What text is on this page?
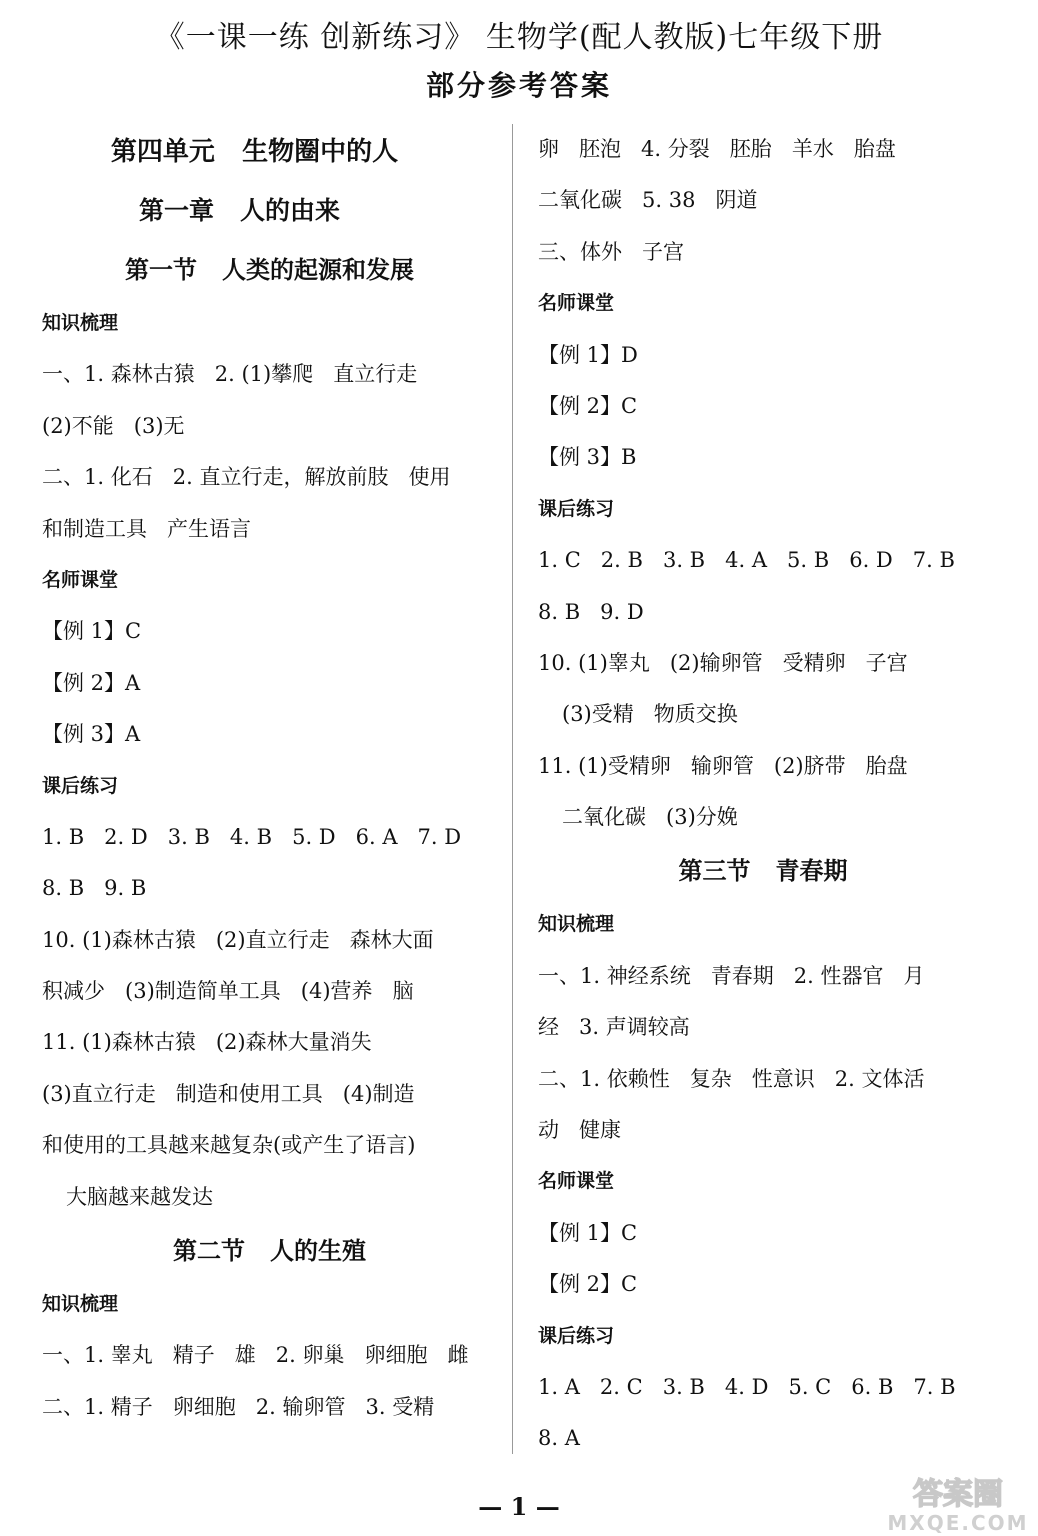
《一课一练 创新练习》 生物学(配人教版)七年级下册
部分参考答案
第四单元   生物圈中的人
第一章   人的由来
第一节   人类的起源和发展
知识梳理
一、1. 森林古猿   2. (1)攀爬   直立行走
(2)不能   (3)无
二、1. 化石   2. 直立行走，解放前肢   使用
和制造工具   产生语言
名师课堂
【例 1】C
【例 2】A
【例 3】A
课后练习
1. B   2. D   3. B   4. B   5. D   6. A   7. D
8. B   9. B
10. (1)森林古猿   (2)直立行走   森林大面
积减少   (3)制造简单工具   (4)营养   脑
11. (1)森林古猿   (2)森林大量消失
(3)直立行走   制造和使用工具   (4)制造
和使用的工具越来越复杂(或产生了语言)
大脑越来越发达
第二节   人的生殖
知识梳理
一、1. 睾丸   精子   雄   2. 卵巢   卵细胞   雌
二、1. 精子   卵细胞   2. 输卵管   3. 受精
卵   胚泡   4. 分裂   胚胎   羊水   胎盘
二氧化碳   5. 38   阴道
三、体外   子宫
名师课堂
【例 1】D
【例 2】C
【例 3】B
课后练习
1. C   2. B   3. B   4. A   5. B   6. D   7. B
8. B   9. D
10. (1)睾丸   (2)输卵管   受精卵   子宫
(3)受精   物质交换
11. (1)受精卵   输卵管   (2)脐带   胎盘
二氧化碳   (3)分娩
第三节   青春期
知识梳理
一、1. 神经系统   青春期   2. 性器官   月
经   3. 声调较高
二、1. 依赖性   复杂   性意识   2. 文体活
动   健康
名师课堂
【例 1】C
【例 2】C
课后练习
1. A   2. C   3. B   4. D   5. C   6. B   7. B
8. A
— 1 —	答案圈
MXQE.COM
